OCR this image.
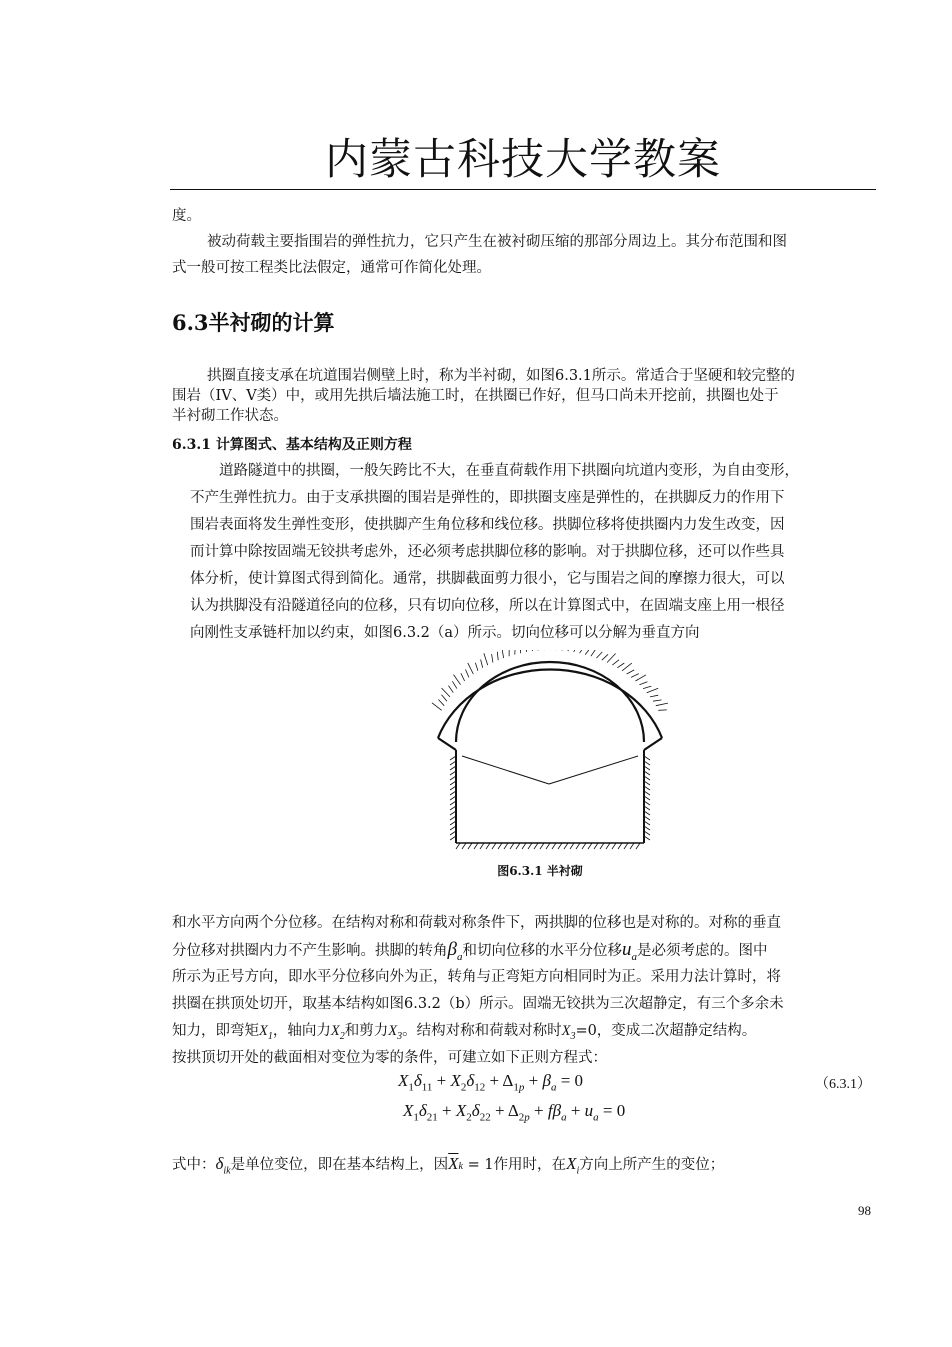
内蒙古科技大学教案
度。
被动荷载主要指围岩的弹性抗力，它只产生在被衬砌压缩的那部分周边上。其分布范围和图
式一般可按工程类比法假定，通常可作简化处理。
6.3半衬砌的计算
拱圈直接支承在坑道围岩侧壁上时，称为半衬砌，如图6.3.1所示。常适合于坚硬和较完整的
围岩（IV、V类）中，或用先拱后墙法施工时，在拱圈已作好，但马口尚未开挖前，拱圈也处于
半衬砌工作状态。
6.3.1 计算图式、基本结构及正则方程
道路隧道中的拱圈，一般矢跨比不大，在垂直荷载作用下拱圈向坑道内变形，为自由变形，
不产生弹性抗力。由于支承拱圈的围岩是弹性的，即拱圈支座是弹性的，在拱脚反力的作用下
围岩表面将发生弹性变形，使拱脚产生角位移和线位移。拱脚位移将使拱圈内力发生改变，因
而计算中除按固端无铰拱考虑外，还必须考虑拱脚位移的影响。对于拱脚位移，还可以作些具
体分析，使计算图式得到简化。通常，拱脚截面剪力很小，它与围岩之间的摩擦力很大，可以
认为拱脚没有沿隧道径向的位移，只有切向位移，所以在计算图式中，在固端支座上用一根径
向刚性支承链杆加以约束，如图6.3.2（a）所示。切向位移可以分解为垂直方向
图6.3.1 半衬砌
和水平方向两个分位移。在结构对称和荷载对称条件下，两拱脚的位移也是对称的。对称的垂直
分位移对拱圈内力不产生影响。拱脚的转角$\beta_a$和切向位移的水平分位移$u_a$是必须考虑的。图中
所示为正号方向，即水平分位移向外为正，转角与正弯矩方向相同时为正。采用力法计算时，将
拱圈在拱顶处切开，取基本结构如图6.3.2（b）所示。固端无铰拱为三次超静定，有三个多余未
知力，即弯矩$X_1$，轴向力$X_2$和剪力$X_3$。结构对称和荷载对称时$X_3=0$，变成二次超静定结构。
按拱顶切开处的截面相对变位为零的条件，可建立如下正则方程式：
$X_1\delta_{11} + X_2\delta_{12} + \Delta_{1p} + \beta_a = 0$	（6.3.1）
$X_1\delta_{21} + X_2\delta_{22} + \Delta_{2p} + f\beta_a + u_a = 0$
式中：$\delta_{ik}$是单位变位，即在基本结构上，因$\overline{X}k = 1$作用时，在$X_i$方向上所产生的变位；
98
